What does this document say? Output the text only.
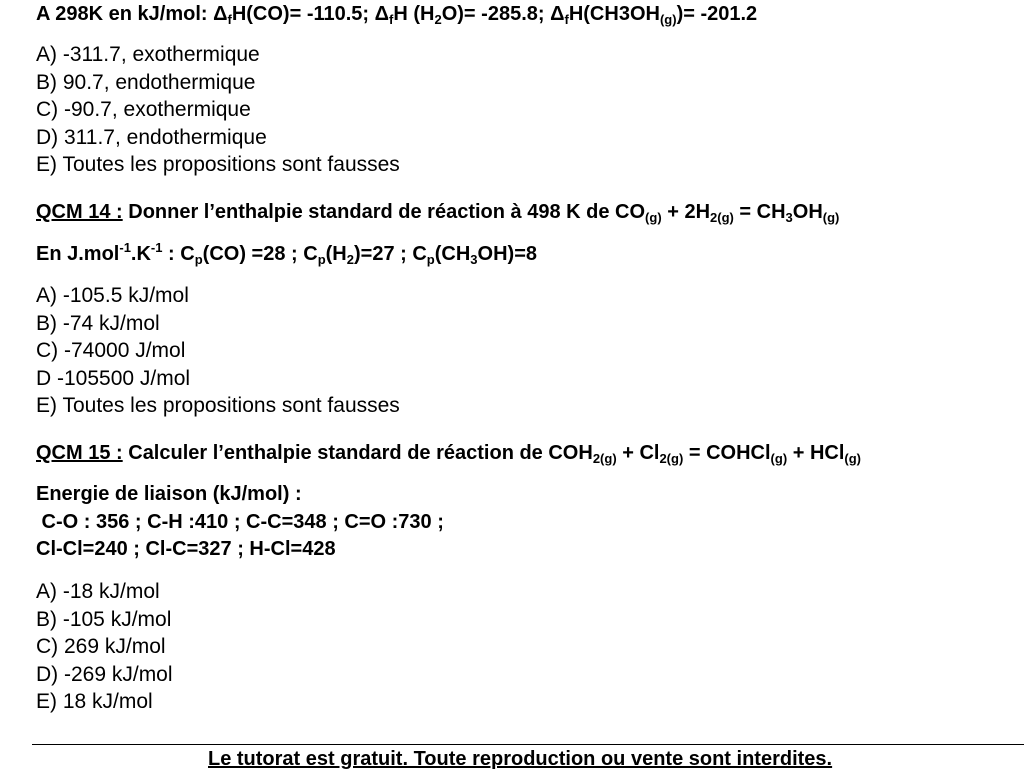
A 298K en kJ/mol: $\Delta_fH(CO)= -110.5$; $\Delta_fH$ $(H_2O)= -285.8$; $\Delta_fH(CH3OH_{(g)})= -201.2$
A) -311.7, exothermique
B) 90.7, endothermique
C) -90.7, exothermique
D) 311.7, endothermique
E) Toutes les propositions sont fausses
QCM 14 : Donner l’enthalpie standard de réaction à 498 K de $CO_{(g)} + 2H_{2(g)} = CH_3OH_{(g)}$
En $J.mol^{-1}.K^{-1}$ : $C_p(CO) =28$ ; $C_p(H_2)=27$ ; $C_p(CH_3OH)=8$
A) -105.5 kJ/mol
B) -74 kJ/mol
C) -74000 J/mol
D -105500 J/mol
E) Toutes les propositions sont fausses
QCM 15 : Calculer l’enthalpie standard de réaction de $COH_{2(g)} + Cl_{2(g)}$ = COHCl$_{(g)}$ + HCl$_{(g)}$
Energie de liaison (kJ/mol) :
C-O : 356 ; C-H :410 ; C-C=348 ; C=O :730 ;
Cl-Cl=240 ; Cl-C=327 ; H-Cl=428
A) -18 kJ/mol
B) -105 kJ/mol
C) 269 kJ/mol
D) -269 kJ/mol
E) 18 kJ/mol
Le tutorat est gratuit. Toute reproduction ou vente sont interdites.
